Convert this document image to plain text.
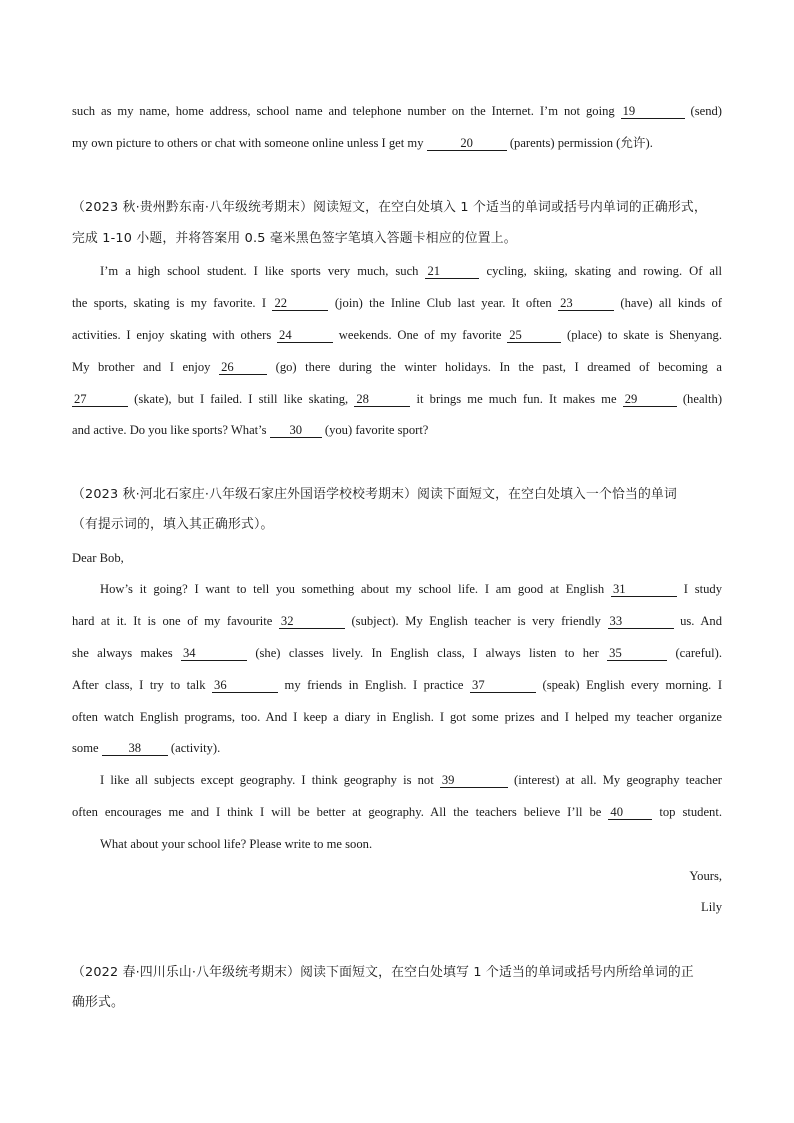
such as my name, home address, school name and telephone number on the Internet. I’m not going 19	(send)
my own picture to others or chat with someone online unless I get my	20	(parents) permission (允许).
（2023 秋·贵州黔东南·八年级统考期末）阅读短文，在空白处填入 1 个适当的单词或括号内单词的正确形式，
完成 1-10 小题，并将答案用 0.5 毫米黑色签字笔填入答题卡相应的位置上。
I’m a high school student. I like sports very much, such 21	cycling, skiing, skating and rowing. Of all
the sports, skating is my favorite. I 22	(join) the Inline Club last year. It often 23	(have) all kinds of
activities. I enjoy skating with others 24	weekends. One of my favorite 25	(place) to skate is Shenyang.
My brother and I enjoy 26	(go) there during the winter holidays. In the past, I dreamed of becoming a
27	(skate), but I failed. I still like skating, 28	it brings me much fun. It makes me 29	(health)
and active. Do you like sports? What’s 30 (you) favorite sport?
（2023 秋·河北石家庄·八年级石家庄外国语学校校考期末）阅读下面短文，在空白处填入一个恰当的单词
（有提示词的，填入其正确形式）。
Dear Bob,
How’s it going? I want to tell you something about my school life. I am good at English 31	I study
hard at it. It is one of my favourite 32	(subject). My English teacher is very friendly 33	us. And
she always makes 34	(she) classes lively. In English class, I always listen to her 35	(careful).
After class, I try to talk 36	my friends in English. I practice 37	(speak) English every morning. I
often watch English programs, too. And I keep a diary in English. I got some prizes and I helped my teacher organize
some 38 (activity).
I like all subjects except geography. I think geography is not 39	(interest) at all. My geography teacher
often encourages me and I think I will be better at geography. All the teachers believe I’ll be 40	top student.
What about your school life? Please write to me soon.
Yours,
Lily
（2022 春·四川乐山·八年级统考期末）阅读下面短文，在空白处填写 1 个适当的单词或括号内所给单词的正
确形式。
